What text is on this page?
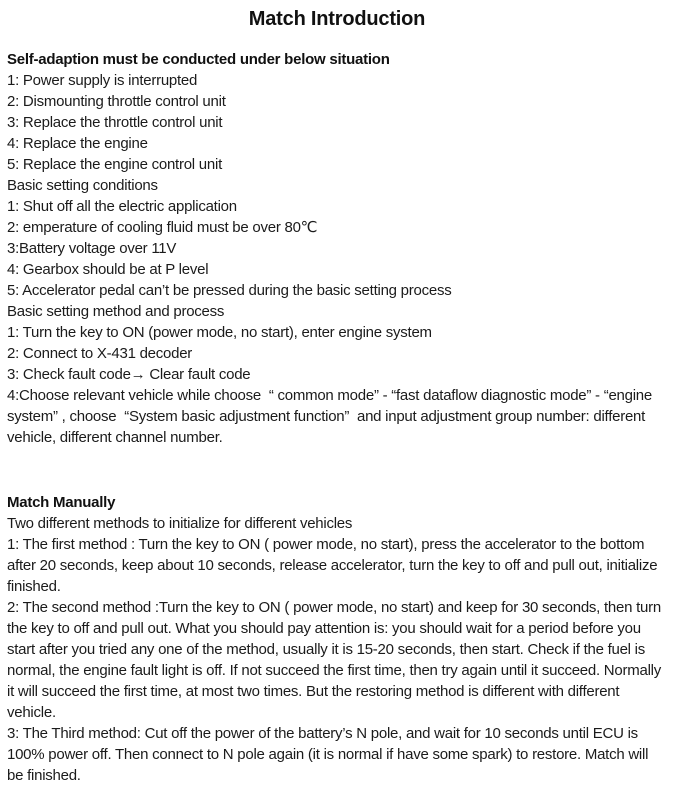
Match Introduction
Self-adaption must be conducted under below situation

1: Power supply is interrupted

2: Dismounting throttle control unit

3: Replace the throttle control unit

4: Replace the engine

5: Replace the engine control unit

Basic setting conditions

1: Shut off all the electric application

2: emperature of cooling fluid must be over 80℃

3:Battery voltage over 11V

4: Gearbox should be at P level

5: Accelerator pedal can’t be pressed during the basic setting process

Basic setting method and process

1: Turn the key to ON (power mode, no start), enter engine system

2: Connect to X-431 decoder

3: Check fault code→ Clear fault code

4:Choose relevant vehicle while choose  “ common mode” - “fast dataflow diagnostic mode” - “engine system” , choose  “System basic adjustment function”  and input adjustment group number: different vehicle, different channel number.

Match Manually

Two different methods to initialize for different vehicles

1: The first method : Turn the key to ON ( power mode, no start), press the accelerator to the bottom after 20 seconds, keep about 10 seconds, release accelerator, turn the key to off and pull out, initialize finished.

2: The second method :Turn the key to ON ( power mode, no start) and keep for 30 seconds, then turn the key to off and pull out. What you should pay attention is: you should wait for a period before you start after you tried any one of the method, usually it is 15-20 seconds, then start. Check if the fuel is normal, the engine fault light is off. If not succeed the first time, then try again until it succeed. Normally it will succeed the first time, at most two times. But the restoring method is different with different vehicle.

3: The Third method: Cut off the power of the battery’s N pole, and wait for 10 seconds until ECU is 100% power off. Then connect to N pole again (it is normal if have some spark) to restore. Match will be finished.
